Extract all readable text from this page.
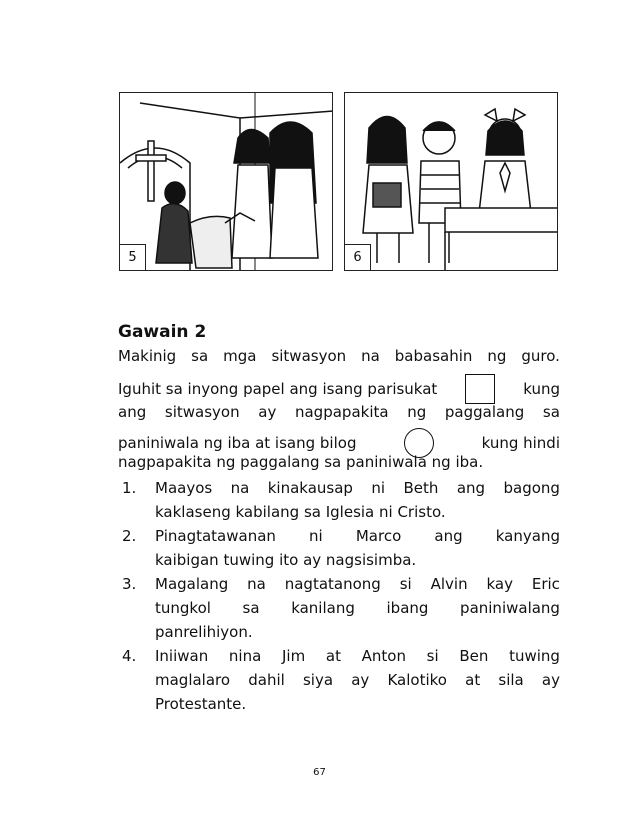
5	6
Gawain 2
Makinig sa mga sitwasyon na babasahin ng guro.
Iguhit sa inyong papel ang isang parisukat	kung
ang sitwasyon ay nagpapakita ng paggalang sa
paniniwala ng iba at isang bilog	kung hindi
nagpapakita ng paggalang sa paniniwala ng iba.
1. Maayos na kinakausap ni Beth ang bagong
kaklaseng kabilang sa Iglesia ni Cristo.
2. Pinagtatawanan ni Marco ang kanyang
kaibigan tuwing ito ay nagsisimba.
3. Magalang na nagtatanong si Alvin kay Eric
tungkol sa kanilang ibang paniniwalang
panrelihiyon.
4. Iniiwan nina Jim at Anton si Ben tuwing
maglalaro dahil siya ay Kalotiko at sila ay
Protestante.
67
